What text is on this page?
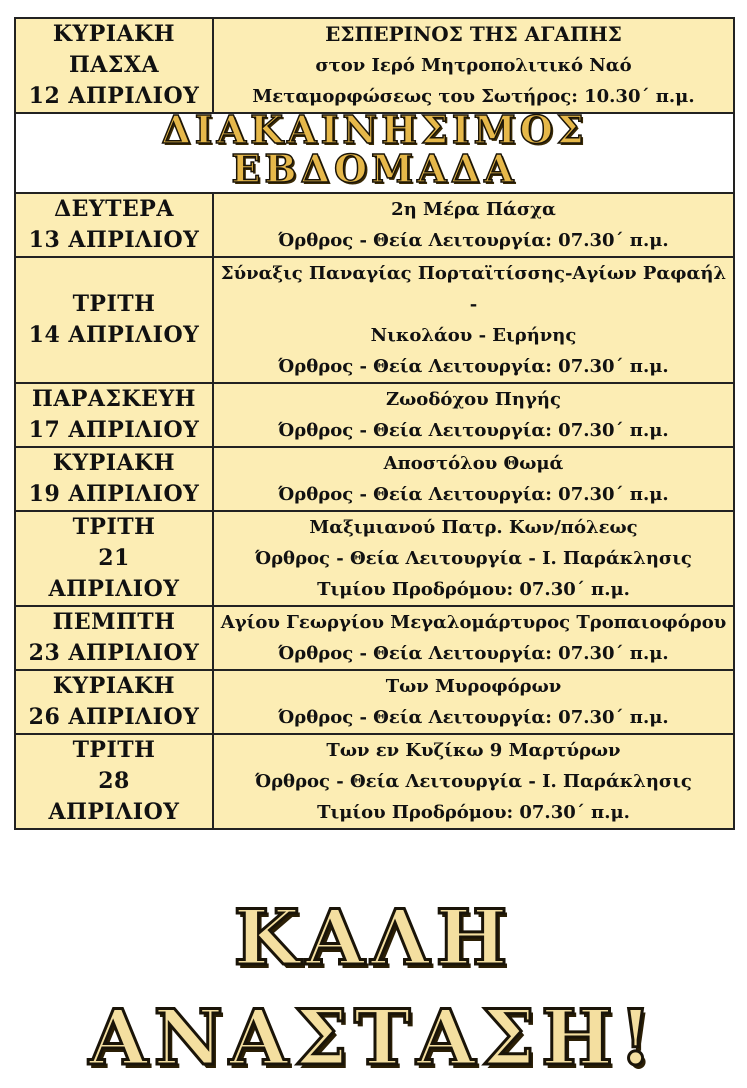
ΚΥΡΙΑΚΗ
ΠΑΣΧΑ
12 ΑΠΡΙΛΙΟΥ	ΕΣΠΕΡΙΝΟΣ ΤΗΣ ΑΓΑΠΗΣ
στον Ιερό Μητροπολιτικό Ναό
Μεταμορφώσεως του Σωτήρος: 10.30΄ π.μ.

ΔΙΑΚΑΙΝΗΣΙΜΟΣ ΕΒΔΟΜΑΔΑ	

ΔΕΥΤΕΡΑ
13 ΑΠΡΙΛΙΟΥ	2η Μέρα Πάσχα
Όρθρος - Θεία Λειτουργία: 07.30΄ π.μ.

ΤΡΙΤΗ
14 ΑΠΡΙΛΙΟΥ	Σύναξις Παναγίας Πορταϊτίσσης-Αγίων Ραφαήλ -
Νικολάου - Ειρήνης
Όρθρος - Θεία Λειτουργία: 07.30΄ π.μ.

ΠΑΡΑΣΚΕΥΗ
17 ΑΠΡΙΛΙΟΥ	Ζωοδόχου Πηγής
Όρθρος - Θεία Λειτουργία: 07.30΄ π.μ.

ΚΥΡΙΑΚΗ
19 ΑΠΡΙΛΙΟΥ	Αποστόλου Θωμά
Όρθρος - Θεία Λειτουργία: 07.30΄ π.μ.

ΤΡΙΤΗ
21
ΑΠΡΙΛΙΟΥ	Μαξιμιανού Πατρ. Κων/πόλεως
Όρθρος - Θεία Λειτουργία - Ι. Παράκλησις
Τιμίου Προδρόμου: 07.30΄ π.μ.

ΠΕΜΠΤΗ
23 ΑΠΡΙΛΙΟΥ	Αγίου Γεωργίου Μεγαλομάρτυρος Τροπαιοφόρου
Όρθρος - Θεία Λειτουργία: 07.30΄ π.μ.

ΚΥΡΙΑΚΗ
26 ΑΠΡΙΛΙΟΥ	Των Μυροφόρων
Όρθρος - Θεία Λειτουργία: 07.30΄ π.μ.

ΤΡΙΤΗ
28
ΑΠΡΙΛΙΟΥ	Των εν Κυζίκω 9 Μαρτύρων
Όρθρος - Θεία Λειτουργία - Ι. Παράκλησις
Τιμίου Προδρόμου: 07.30΄ π.μ.
ΚΑΛΗ ΑΝΑΣΤΑΣΗ!
